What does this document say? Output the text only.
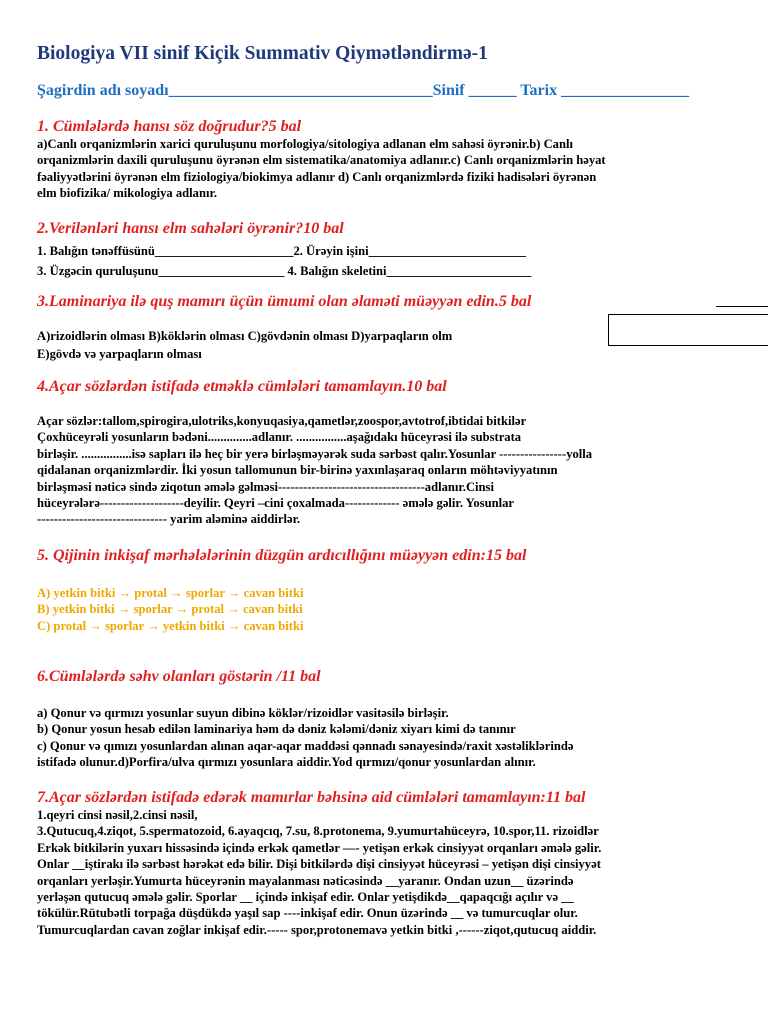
Biologiya VII sinif Kiçik Summativ Qiymətləndirmə-1
Şagirdin adı soyadı_________________________________Sinif ______ Tarix ________________
1. Cümlələrdə hansı söz doğrudur?5 bal
a)Canlı orqanizmlərin xarici quruluşunu morfologiya/sitologiya adlanan elm sahəsi öyrənir.b) Canlı
orqanizmlərin daxili quruluşunu öyrənən elm sistematika/anatomiya adlanır.c) Canlı orqanizmlərin həyat
fəaliyyətlərini öyrənən elm fiziologiya/biokimya adlanır d) Canlı orqanizmlərdə fiziki hadisələri öyrənən
elm biofizika/ mikologiya adlanır.
2.Verilənləri hansı elm sahələri öyrənir?10 bal
1. Balığın tənəffüsünü______________________2. Ürəyin işini_________________________
3. Üzgəcin quruluşunu____________________ 4. Balığın skeletini_______________________
3.Laminariya ilə quş mamırı üçün ümumi olan əlaməti müəyyən edin.5 bal
A)rizoidlərin olması B)köklərin olması C)gövdənin olması D)yarpaqların olm
E)gövdə və yarpaqların olması
4.Açar sözlərdən istifadə etməklə cümlələri tamamlayın.10 bal
Açar sözlər:tallom,spirogira,ulotriks,konyuqasiya,qametlər,zoospor,avtotrof,ibtidai bitkilər
Çoxhüceyrəli yosunların bədəni..............adlanır. ................aşağıdakı hüceyrəsi ilə substrata
birləşir. ................isə sapları ilə heç bir yerə birləşməyərək suda sərbəst qalır.Yosunlar ----------------yolla
qidalanan orqanizmlərdir. İki yosun tallomunun bir-birinə yaxınlaşaraq onların möhtəviyyatının
birləşməsi nəticə sində ziqotun əmələ gəlməsi-----------------------------------adlanır.Cinsi
hüceyrələrə--------------------deyilir. Qeyri –cini çoxalmada------------- əmələ gəlir. Yosunlar
------------------------------- yarim aləminə aiddirlər.
5. Qijinin inkişaf mərhələlərinin düzgün ardıcıllığını müəyyən edin:15 bal
A) yetkin bitki → protal → sporlar → cavan bitki
B) yetkin bitki → sporlar → protal → cavan bitki
C) protal → sporlar → yetkin bitki → cavan bitki
6.Cümlələrdə səhv olanları göstərin /11 bal
a) Qonur və qırmızı yosunlar suyun dibinə köklər/rizoidlər vasitəsilə birləşir.
b) Qonur yosun hesab edilən laminariya həm də dəniz kələmi/dəniz xiyarı kimi də tanınır
c) Qonur və qımızı yosunlardan alınan aqar-aqar maddəsi qənnadı sənayesində/raxit xəstəliklərində
istifadə olunur.d)Porfira/ulva qırmızı yosunlara aiddir.Yod qırmızı/qonur yosunlardan alınır.
7.Açar sözlərdən istifadə edərək mamırlar bəhsinə aid cümlələri tamamlayın:11 bal
1.qeyri cinsi nəsil,2.cinsi nəsil,
3.Qutucuq,4.ziqot, 5.spermatozoid, 6.ayaqcıq, 7.su, 8.protonema, 9.yumurtahüceyrə, 10.spor,11. rizoidlər
Erkək bitkilərin yuxarı hissəsində içində erkək qametlər —- yetişən erkək cinsiyyət orqanları əmələ gəlir.
Onlar __iştirakı ilə sərbəst hərəkət edə bilir. Dişi bitkilərdə dişi cinsiyyət hüceyrəsi – yetişən dişi cinsiyyət
orqanları yerləşir.Yumurta hüceyrənin mayalanması nəticəsində __yaranır. Ondan uzun__ üzərində
yerləşən qutucuq əmələ gəlir. Sporlar __ içində inkişaf edir. Onlar yetişdikdə__qapaqcığı açılır və __
tökülür.Rütubətli torpağa düşdükdə yaşıl sap ----inkişaf edir. Onun üzərində __ və tumurcuqlar olur.
Tumurcuqlardan cavan zoğlar inkişaf edir.----- spor,protonemavə yetkin bitki ,------ziqot,qutucuq aiddir.
